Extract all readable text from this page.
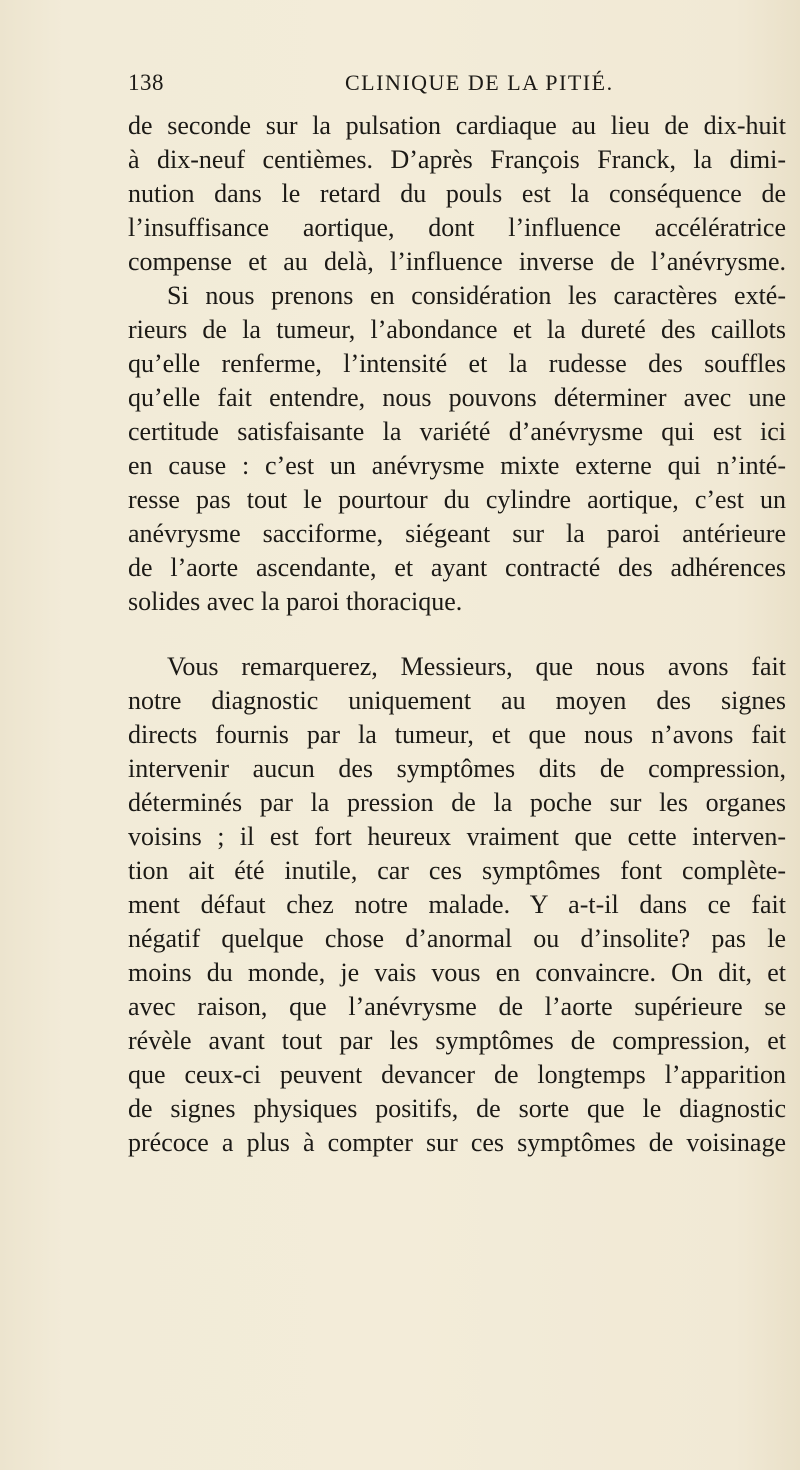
138	CLINIQUE DE LA PITIÉ.
de seconde sur la pulsation cardiaque au lieu de dix-huit
à dix-neuf centièmes. D’après François Franck, la dimi-
nution dans le retard du pouls est la conséquence de
l’insuffisance aortique, dont l’influence accélératrice
compense et au delà, l’influence inverse de l’anévrysme.
Si nous prenons en considération les caractères exté-
rieurs de la tumeur, l’abondance et la dureté des caillots
qu’elle renferme, l’intensité et la rudesse des souffles
qu’elle fait entendre, nous pouvons déterminer avec une
certitude satisfaisante la variété d’anévrysme qui est ici
en cause : c’est un anévrysme mixte externe qui n’inté-
resse pas tout le pourtour du cylindre aortique, c’est un
anévrysme sacciforme, siégeant sur la paroi antérieure
de l’aorte ascendante, et ayant contracté des adhérences
solides avec la paroi thoracique.
Vous remarquerez, Messieurs, que nous avons fait
notre diagnostic uniquement au moyen des signes
directs fournis par la tumeur, et que nous n’avons fait
intervenir aucun des symptômes dits de compression,
déterminés par la pression de la poche sur les organes
voisins ; il est fort heureux vraiment que cette interven-
tion ait été inutile, car ces symptômes font complète-
ment défaut chez notre malade. Y a-t-il dans ce fait
négatif quelque chose d’anormal ou d’insolite? pas le
moins du monde, je vais vous en convaincre. On dit, et
avec raison, que l’anévrysme de l’aorte supérieure se
révèle avant tout par les symptômes de compression, et
que ceux-ci peuvent devancer de longtemps l’apparition
de signes physiques positifs, de sorte que le diagnostic
précoce a plus à compter sur ces symptômes de voisinage
